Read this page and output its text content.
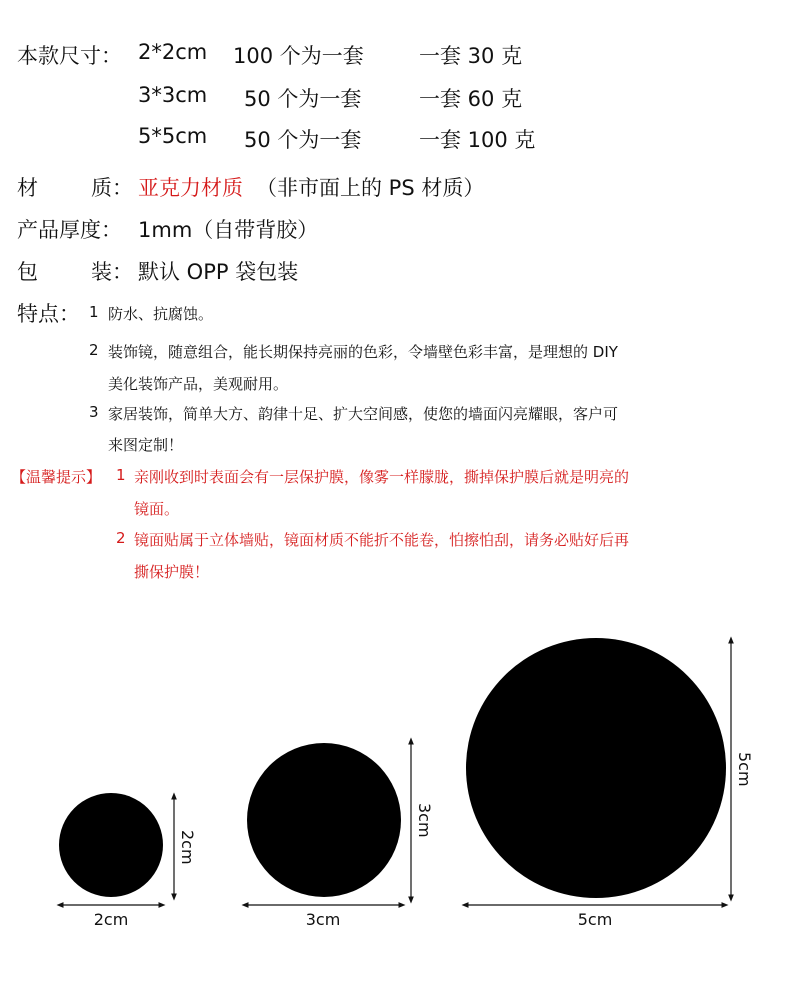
本款尺寸： 2*2cm 100 个为一套	一套 30 克
3*3cm 50 个为一套	一套 60 克
5*5cm 50 个为一套	一套 100 克
材	质： 亚克力材质 （非市面上的 PS 材质）
产品厚度： 1mm（自带背胶）
包	装： 默认 OPP 袋包装
特点： 1 防水、抗腐蚀。
2 装饰镜，随意组合，能长期保持亮丽的色彩，令墙壁色彩丰富，是理想的 DIY
美化装饰产品，美观耐用。
3 家居装饰，简单大方、韵律十足、扩大空间感，使您的墙面闪亮耀眼，客户可
来图定制！
【温馨提示】 1 亲刚收到时表面会有一层保护膜，像雾一样朦胧，撕掉保护膜后就是明亮的
镜面。
2 镜面贴属于立体墙贴，镜面材质不能折不能卷，怕擦怕刮，请务必贴好后再
撕保护膜！
2cm
2cm
3cm
3cm
5cm
5cm
